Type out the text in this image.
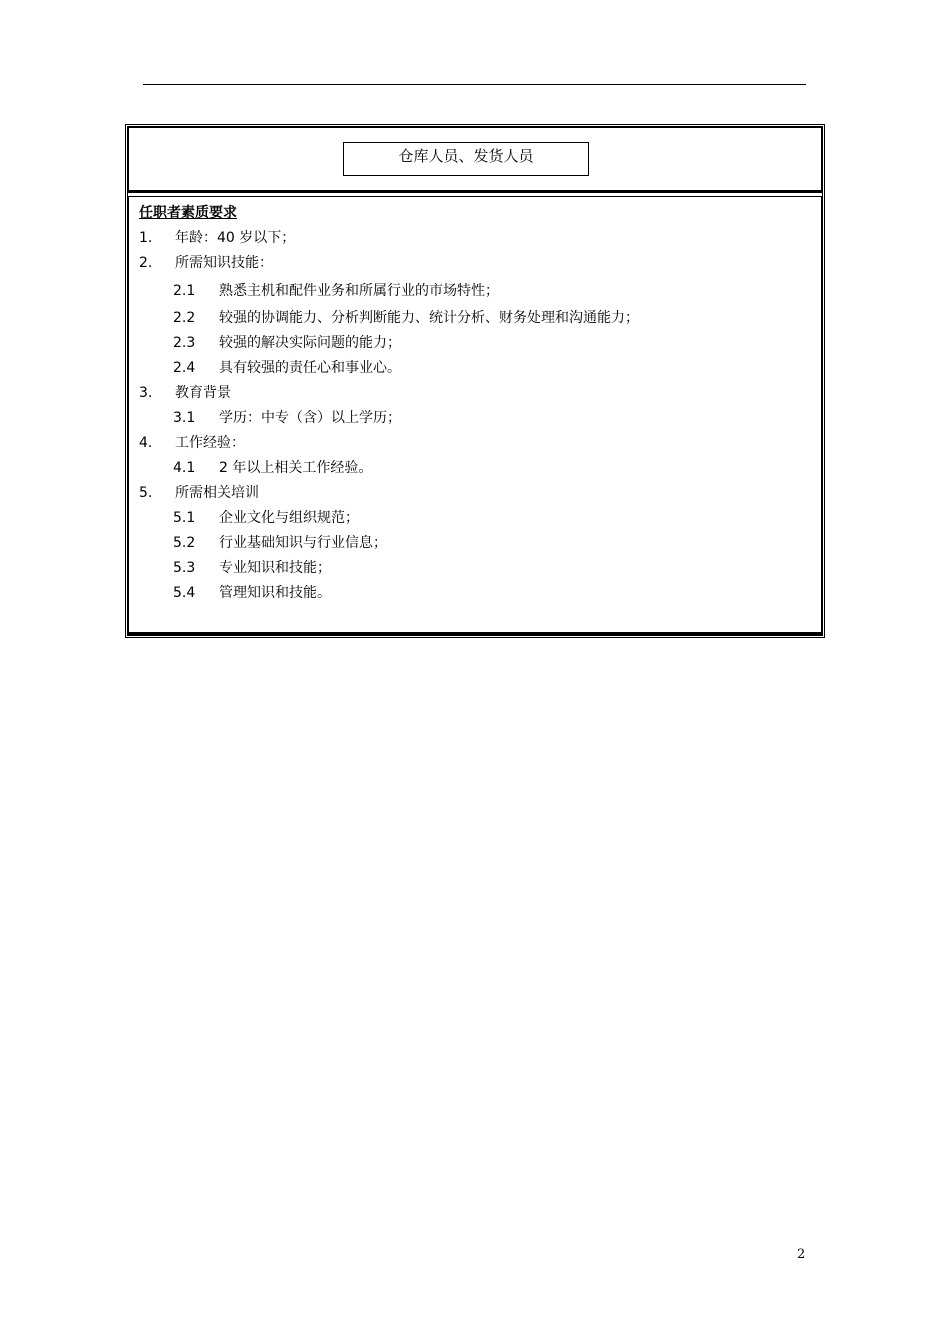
仓库人员、发货人员
任职者素质要求
1. 年龄：40 岁以下；
2. 所需知识技能：
2.1 熟悉主机和配件业务和所属行业的市场特性；
2.2 较强的协调能力、分析判断能力、统计分析、财务处理和沟通能力；
2.3 较强的解决实际问题的能力；
2.4 具有较强的责任心和事业心。
3. 教育背景
3.1 学历：中专（含）以上学历；
4. 工作经验：
4.1 2 年以上相关工作经验。
5. 所需相关培训
5.1 企业文化与组织规范；
5.2 行业基础知识与行业信息；
5.3 专业知识和技能；
5.4 管理知识和技能。
2
